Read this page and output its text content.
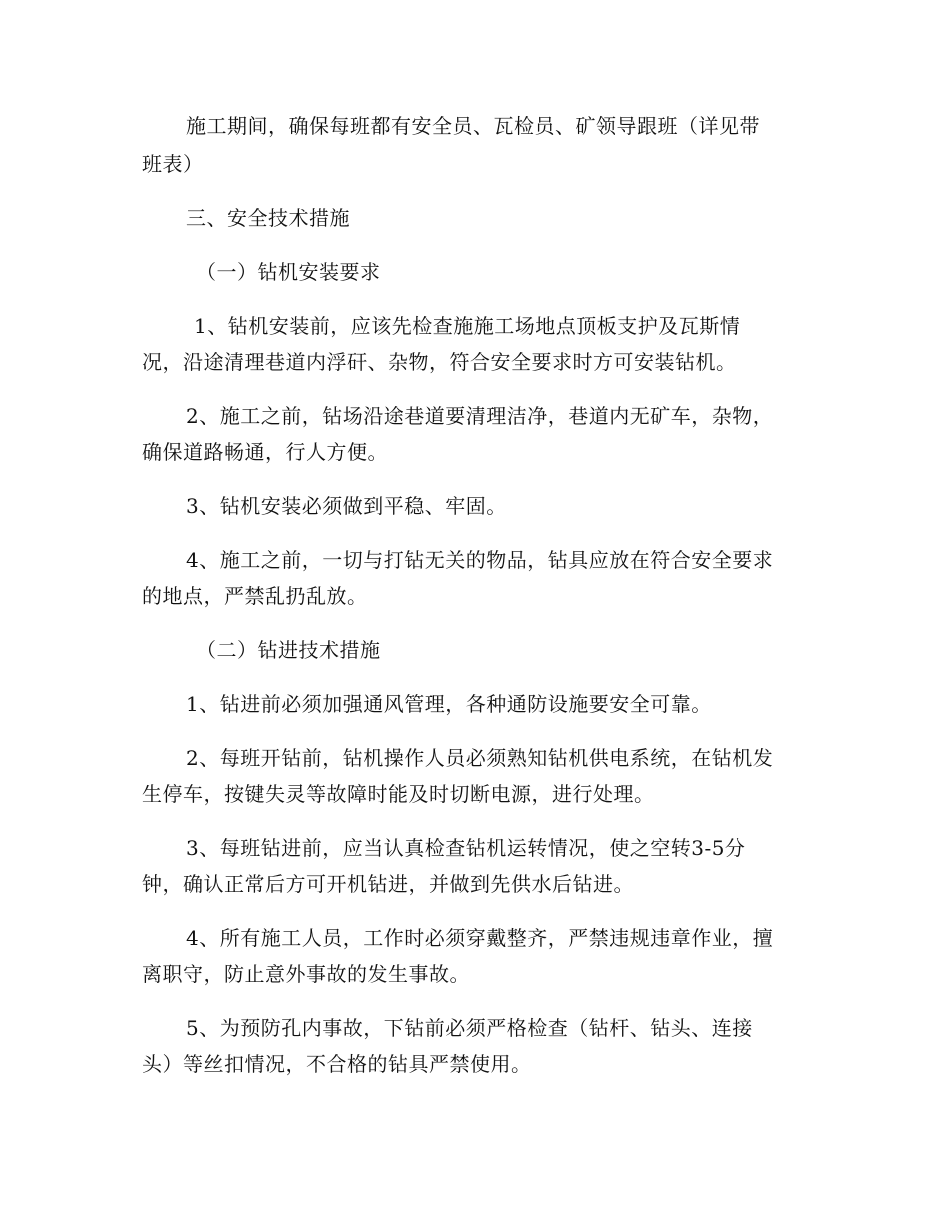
施工期间，确保每班都有安全员、瓦检员、矿领导跟班（详见带
班表）
三、安全技术措施
（一）钻机安装要求
1、钻机安装前，应该先检查施施工场地点顶板支护及瓦斯情
况，沿途清理巷道内浮矸、杂物，符合安全要求时方可安装钻机。
2、施工之前，钻场沿途巷道要清理洁净，巷道内无矿车，杂物，
确保道路畅通，行人方便。
3、钻机安装必须做到平稳、牢固。
4、施工之前，一切与打钻无关的物品，钻具应放在符合安全要求
的地点，严禁乱扔乱放。
（二）钻进技术措施
1、钻进前必须加强通风管理，各种通防设施要安全可靠。
2、每班开钻前，钻机操作人员必须熟知钻机供电系统，在钻机发
生停车，按键失灵等故障时能及时切断电源，进行处理。
3、每班钻进前，应当认真检查钻机运转情况，使之空转3-5分
钟，确认正常后方可开机钻进，并做到先供水后钻进。
4、所有施工人员，工作时必须穿戴整齐，严禁违规违章作业，擅
离职守，防止意外事故的发生事故。
5、为预防孔内事故，下钻前必须严格检查（钻杆、钻头、连接
头）等丝扣情况，不合格的钻具严禁使用。
